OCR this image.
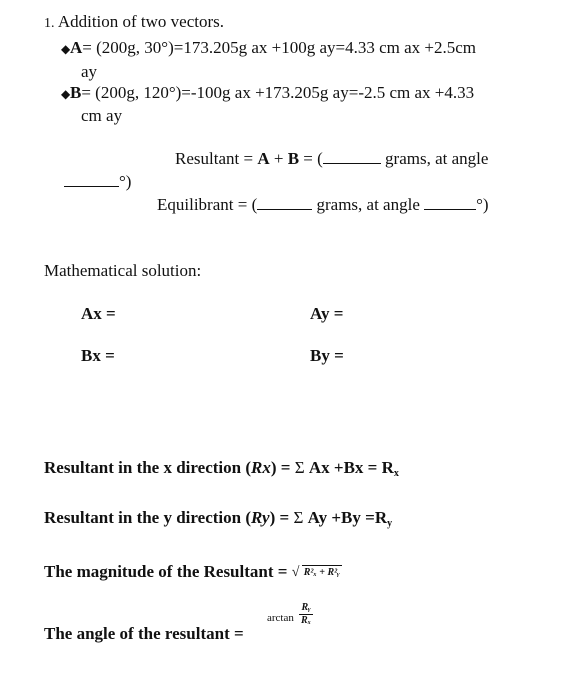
1. Addition of two vectors.
◆A= (200g, 30°)=173.205g ax +100g ay=4.33 cm ax +2.5cm
ay
◆B= (200g, 120°)=-100g ax +173.205g ay=-2.5 cm ax +4.33
cm ay
Resultant = A + B = (	grams, at angle
°)
Equilibrant = (	grams, at angle	°)
Mathematical solution:
Ax =	Ay =
Bx =	By =
Resultant in the x direction (Rx) = Σ $Ax +Bx = R_x$
Resultant in the y direction (Ry) = Σ $Ay +By =R_y$
The magnitude of the Resultant = √ R²ₓ + R²ᵧ
$\arctan \frac{\text{Rᵧ}}{\text{Rₓ}}$
The angle of the resultant =
